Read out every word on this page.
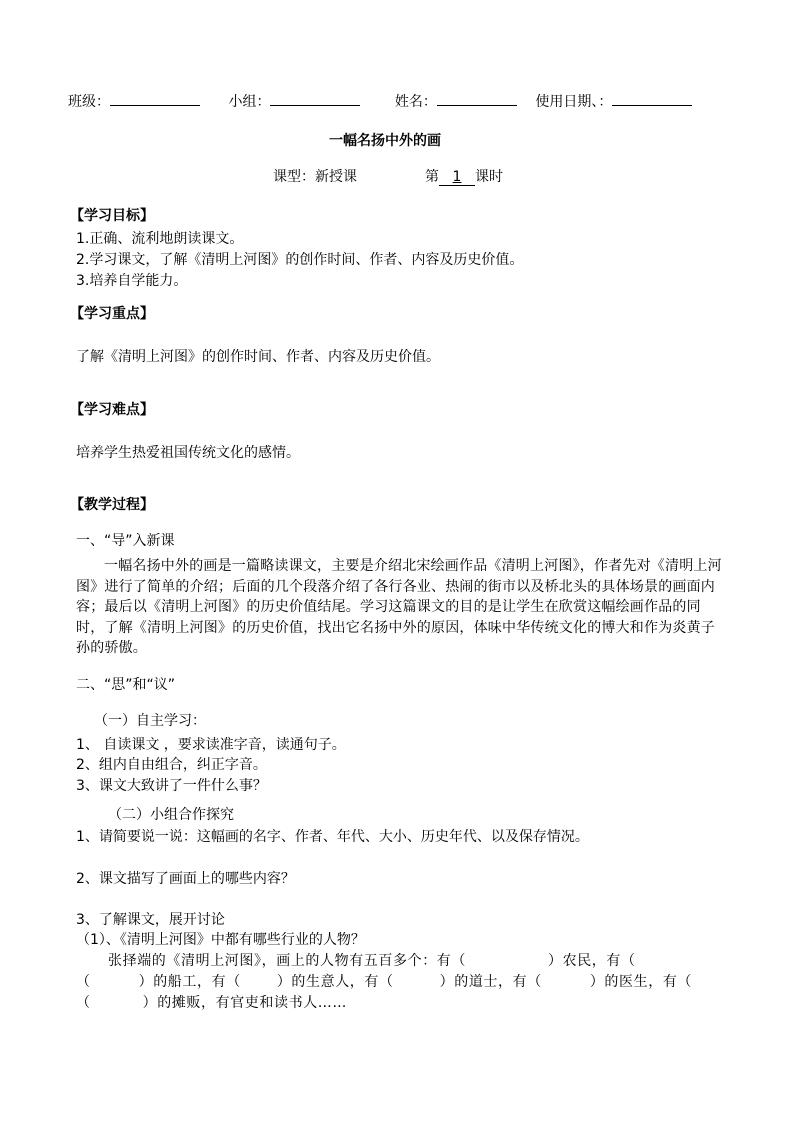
班级：	小组：	姓名：	使用日期、：
一幅名扬中外的画
课型：新授课	第 1 课时
【学习目标】
1.正确、流利地朗读课文。
2.学习课文，了解《清明上河图》的创作时间、作者、内容及历史价值。
3.培养自学能力。
【学习重点】
了解《清明上河图》的创作时间、作者、内容及历史价值。
【学习难点】
培养学生热爱祖国传统文化的感情。
【教学过程】
一、“导”入新课
一幅名扬中外的画是一篇略读课文，主要是介绍北宋绘画作品《清明上河图》，作者先对《清明上河图》进行了简单的介绍；后面的几个段落介绍了各行各业、热闹的街市以及桥北头的具体场景的画面内容；最后以《清明上河图》的历史价值结尾。学习这篇课文的目的是让学生在欣赏这幅绘画作品的同时，了解《清明上河图》的历史价值，找出它名扬中外的原因，体味中华传统文化的博大和作为炎黄子孙的骄傲。
二、“思”和“议”
（一）自主学习：
1、 自读课文 ，要求读准字音，读通句子。
2、组内自由组合，纠正字音。
3、课文大致讲了一件什么事？
（二）小组合作探究
1、请简要说一说：这幅画的名字、作者、年代、大小、历史年代、以及保存情况。
2、课文描写了画面上的哪些内容？
3、了解课文，展开讨论
（1）、《清明上河图》中都有哪些行业的人物？
张择端的《清明上河图》，画上的人物有五百多个：有（	）农民，有（
（	）的船工，有（	）的生意人，有（	）的道士，有（	）的医生，有（
（	）的摊贩，有官吏和读书人……
